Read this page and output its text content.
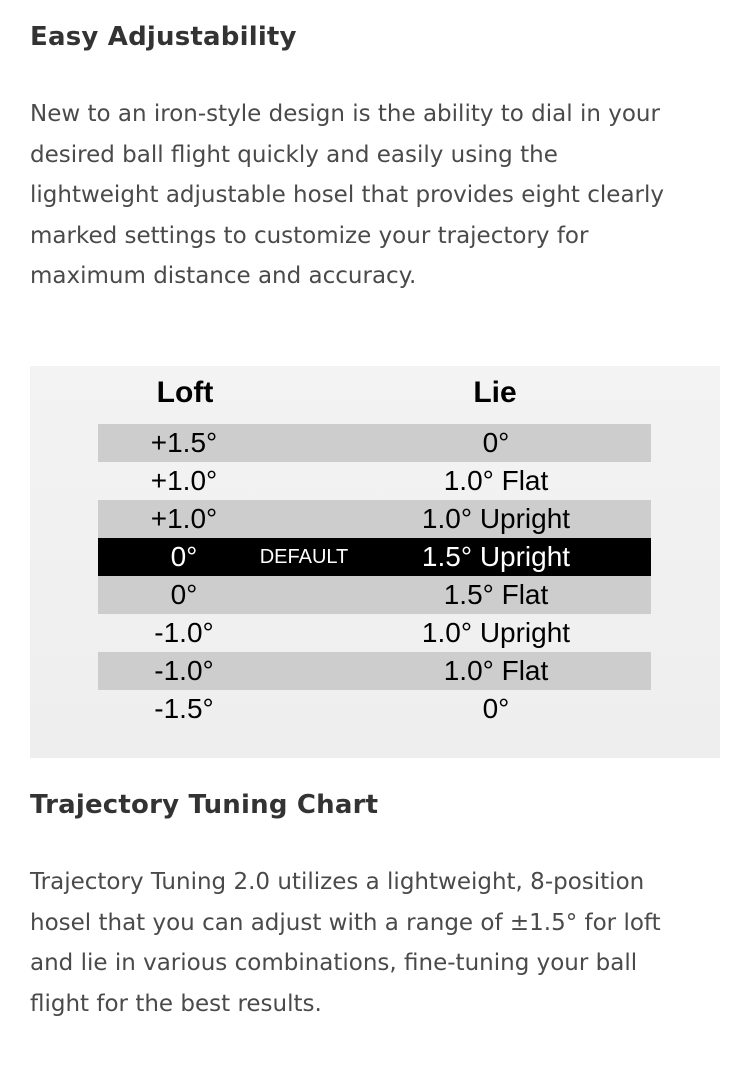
Easy Adjustability

New to an iron-style design is the ability to dial in your
desired ball flight quickly and easily using the
lightweight adjustable hosel that provides eight clearly
marked settings to customize your trajectory for
maximum distance and accuracy.

Loft	Lie
+1.5°	0°
+1.0°	1.0° Flat
+1.0°	1.0° Upright
0°	DEFAULT	1.5° Upright
0°	1.5° Flat
-1.0°	1.0° Upright
-1.0°	1.0° Flat
-1.5°	0°
Trajectory Tuning Chart

Trajectory Tuning 2.0 utilizes a lightweight, 8-position
hosel that you can adjust with a range of ±1.5° for loft
and lie in various combinations, fine-tuning your ball
flight for the best results.
